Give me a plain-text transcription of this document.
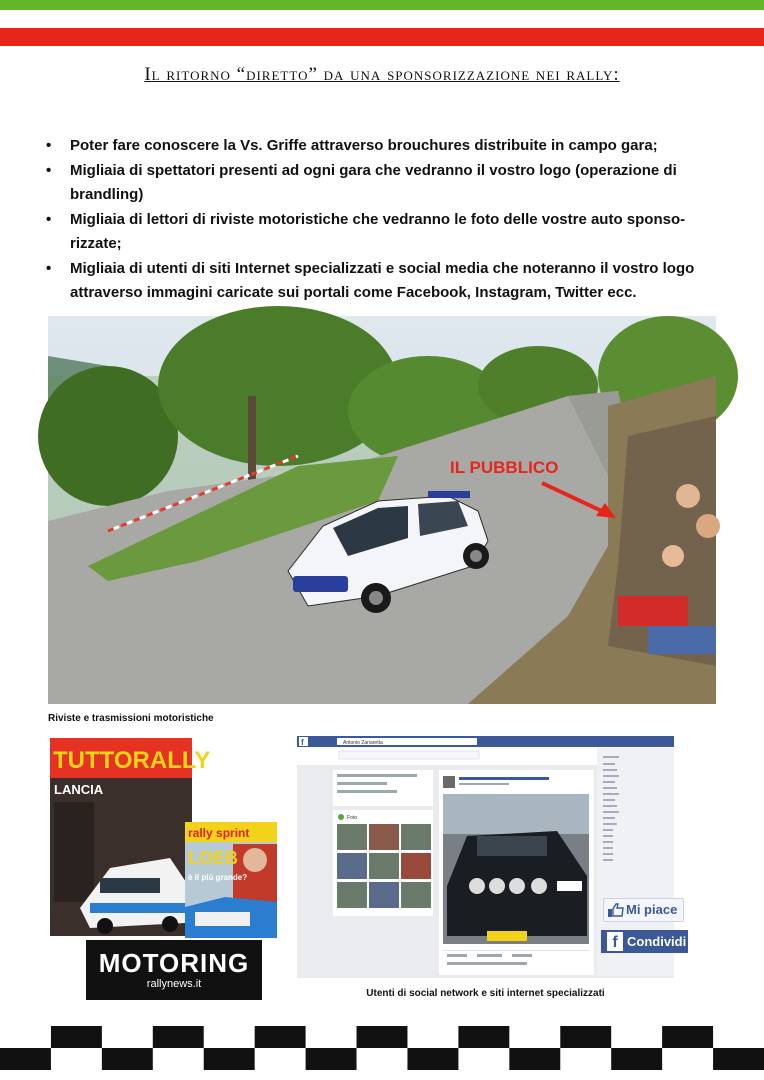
Il ritorno “diretto” da una sponsorizzazione nei rally:
• Poter fare conoscere la Vs. Griffe attraverso brouchures distribuite in campo gara;
• Migliaia di spettatori presenti ad ogni gara che vedranno il vostro logo (operazione di brandling)
• Migliaia di lettori di riviste motoristiche che vedranno le foto delle vostre auto sponso-rizzate;
• Migliaia di utenti di siti Internet specializzati e social media che noteranno il vostro logo attraverso immagini caricate sui portali come Facebook, Instagram, Twitter ecc.
IL PUBBLICO
Riviste e trasmissioni motoristiche
TUTTORALLY
LANCIA
rally sprint
LOEB
è il più grande?
MOTORING
rallynews.it
f	Antonio Zanaretta
Foto
Mi piace
f Condividi
Utenti di social network e siti internet specializzati
